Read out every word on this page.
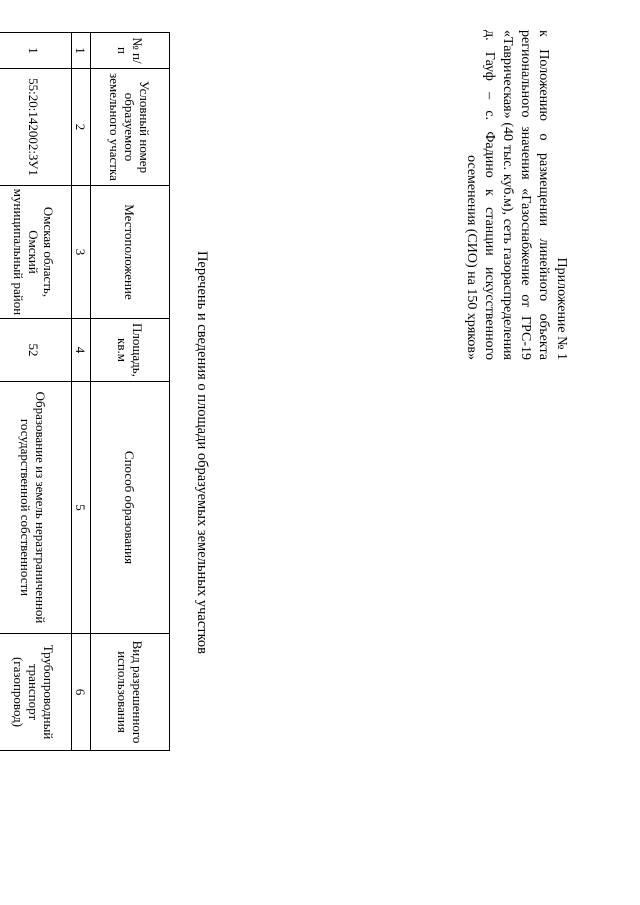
Приложение № 1
к Положению о размещении линейного объекта регионального значения «Газоснабжение от ГРС-19 «Таврическая» (40 тыс. куб.м), сеть газораспределения д. Гауф – с. Фадино к станции искусственного осеменения (СИО) на 150 хряков»
Перечень и сведения о площади образуемых земельных участков
№ п/п	Условный номер образуемого земельного участка	Местоположение	Площадь, кв.м	Способ образования	Вид разрешенного использования
1	2	3	4	5	6
1	55:20:142002:ЗУ1	Омская область, Омский муниципальный район	52	Образование из земель неразграниченной государственной собственности	Трубопроводный транспорт (газопровод)
